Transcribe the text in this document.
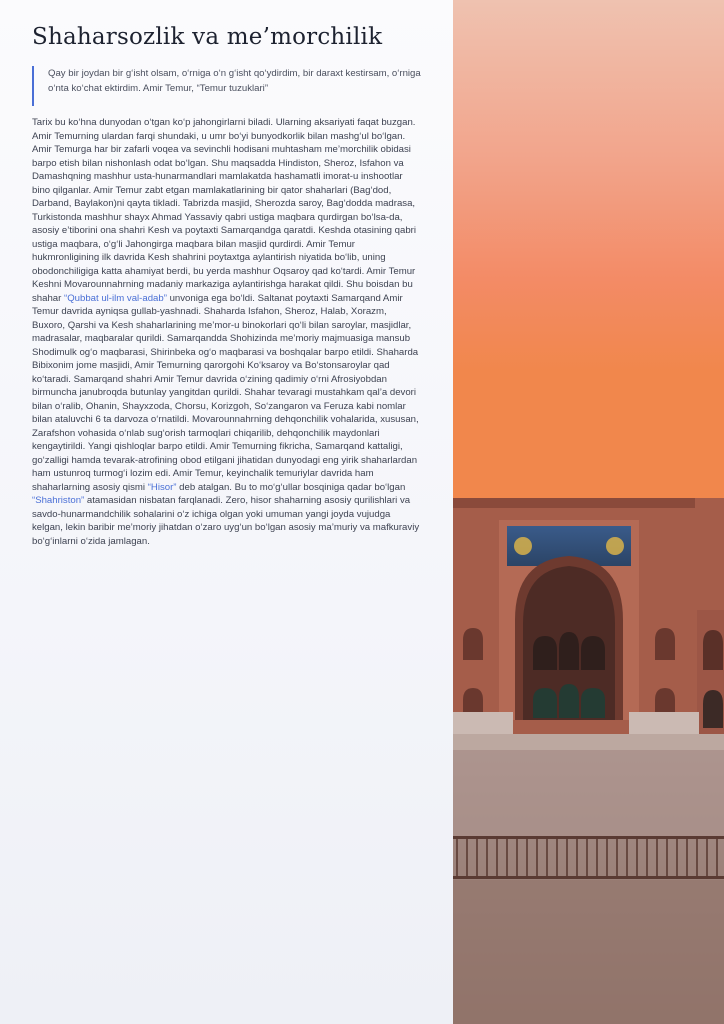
Shaharsozlik va me’morchilik
Qay bir joydan bir g‘isht olsam, o‘rniga o‘n g‘isht qo‘ydirdim, bir daraxt kestirsam, o‘rniga o‘nta ko‘chat ektirdim. Amir Temur, “Temur tuzuklari”

Tarix bu ko‘hna dunyodan o‘tgan ko‘p jahongirlarni biladi. Ularning aksariyati faqat buzgan. Amir Temurning ulardan farqi shundaki, u umr bo‘yi bunyodkorlik bilan mashg‘ul bo‘lgan. Amir Temurga har bir zafarli voqea va sevinchli hodisani muhtasham me’morchilik obidasi barpo etish bilan nishonlash odat bo‘lgan. Shu maqsadda Hindiston, Sheroz, Isfahon va Damashqning mashhur usta-hunarmandlari mamlakatda hashamatli imorat-u inshootlar bino qilganlar. Amir Temur zabt etgan mamlakatlarining bir qator shaharlari (Bag‘dod, Darband, Baylakon)ni qayta tikladi. Tabrizda masjid, Sherozda saroy, Bag‘dodda madrasa, Turkistonda mashhur shayx Ahmad Yassaviy qabri ustiga maqbara qurdirgan bo‘lsa-da, asosiy e’tiborini ona shahri Kesh va poytaxti Samarqandga qaratdi. Keshda otasining qabri ustiga maqbara, o‘g‘li Jahongirga maqbara bilan masjid qurdirdi. Amir Temur hukmronligining ilk davrida Kesh shahrini poytaxtga aylantirish niyatida bo‘lib, uning obodonchiligiga katta ahamiyat berdi, bu yerda mashhur Oqsaroy qad ko‘tardi. Amir Temur Keshni Movarounnahrning madaniy markaziga aylantirishga harakat qildi. Shu boisdan bu shahar “Qubbat ul-ilm val-adab” unvoniga ega bo‘ldi. Saltanat poytaxti Samarqand Amir Temur davrida ayniqsa gullab-yashnadi. Shaharda Isfahon, Sheroz, Halab, Xorazm, Buxoro, Qarshi va Kesh shaharlarining me’mor-u binokorlari qo‘li bilan saroylar, masjidlar, madrasalar, maqbaralar qurildi. Samarqandda Shohizinda me’moriy majmuasiga mansub Shodimulk og‘o maqbarasi, Shirinbeka og‘o maqbarasi va boshqalar barpo etildi. Shaharda Bibixonim jome masjidi, Amir Temurning qarorgohi Ko‘ksaroy va Bo‘stonsaroylar qad ko‘taradi. Samarqand shahri Amir Temur davrida o‘zining qadimiy o‘rni Afrosiyobdan birmuncha janubroqda butunlay yangitdan qurildi. Shahar tevaragi mustahkam qal’a devori bilan o‘ralib, Ohanin, Shayxzoda, Chorsu, Korizgoh, So‘zangaron va Feruza kabi nomlar bilan ataluvchi 6 ta darvoza o‘rnatildi. Movarounnahrning dehqonchilik vohalarida, xususan, Zarafshon vohasida o‘nlab sug‘orish tarmoqlari chiqarilib, dehqonchilik maydonlari kengaytirildi. Yangi qishloqlar barpo etildi. Amir Temurning fikricha, Samarqand kattaligi, go‘zalligi hamda tevarak-atrofining obod etilgani jihatidan dunyodagi eng yirik shaharlardan ham ustunroq turmog‘i lozim edi. Amir Temur, keyinchalik temuriylar davrida ham shaharlarning asosiy qismi “Hisor” deb atalgan. Bu to mo‘g‘ullar bosqiniga qadar bo‘lgan “Shahriston” atamasidan nisbatan farqlanadi. Zero, hisor shaharning asosiy qurilishlari va savdo-hunarmandchilik sohalarini o‘z ichiga olgan yoki umuman yangi joyda vujudga kelgan, lekin baribir me’moriy jihatdan o‘zaro uyg‘un bo‘lgan asosiy ma’muriy va mafkuraviy bo‘g‘inlarni o‘zida jamlagan.
